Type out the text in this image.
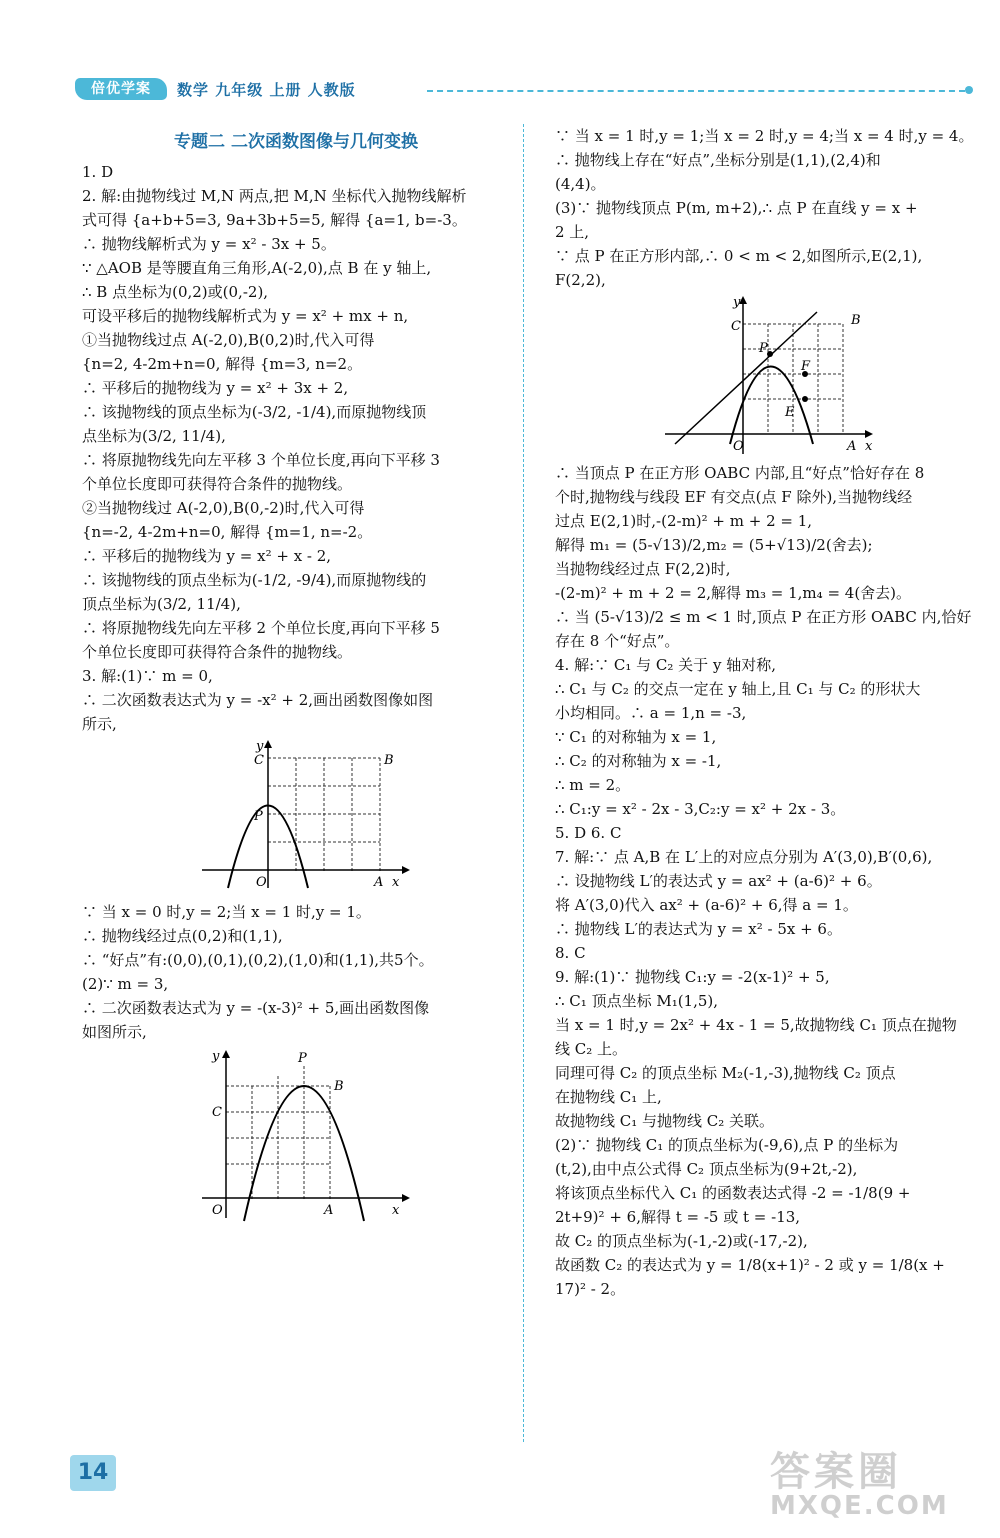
倍优学案	数学 九年级 上册 人教版
专题二 二次函数图像与几何变换
1. D
2. 解:由抛物线过 M,N 两点,把 M,N 坐标代入抛物线解析
式可得 {a+b+5=3, 9a+3b+5=5, 解得 {a=1, b=-3。
∴ 抛物线解析式为 y = x² - 3x + 5。
∵ △AOB 是等腰直角三角形,A(-2,0),点 B 在 y 轴上,
∴ B 点坐标为(0,2)或(0,-2),
可设平移后的抛物线解析式为 y = x² + mx + n,
①当抛物线过点 A(-2,0),B(0,2)时,代入可得
{n=2, 4-2m+n=0, 解得 {m=3, n=2。
∴ 平移后的抛物线为 y = x² + 3x + 2,
∴ 该抛物线的顶点坐标为(-3/2, -1/4),而原抛物线顶
点坐标为(3/2, 11/4),
∴ 将原抛物线先向左平移 3 个单位长度,再向下平移 3
个单位长度即可获得符合条件的抛物线。
②当抛物线过 A(-2,0),B(0,-2)时,代入可得
{n=-2, 4-2m+n=0, 解得 {m=1, n=-2。
∴ 平移后的抛物线为 y = x² + x - 2,
∴ 该抛物线的顶点坐标为(-1/2, -9/4),而原抛物线的
顶点坐标为(3/2, 11/4),
∴ 将原抛物线先向左平移 2 个单位长度,再向下平移 5
个单位长度即可获得符合条件的抛物线。
3. 解:(1)∵ m = 0,
∴ 二次函数表达式为 y = -x² + 2,画出函数图像如图
所示,
y
C	B
P
O	A x
∵ 当 x = 0 时,y = 2;当 x = 1 时,y = 1。
∴ 抛物线经过点(0,2)和(1,1),
∴ “好点”有:(0,0),(0,1),(0,2),(1,0)和(1,1),共5个。
(2)∵ m = 3,
∴ 二次函数表达式为 y = -(x-3)² + 5,画出函数图像
如图所示,
y	P
B
C
O	A	x
∵ 当 x = 1 时,y = 1;当 x = 2 时,y = 4;当 x = 4 时,y = 4。
∴ 抛物线上存在“好点”,坐标分别是(1,1),(2,4)和
(4,4)。
(3)∵ 抛物线顶点 P(m, m+2),∴ 点 P 在直线 y = x +
2 上,
∵ 点 P 在正方形内部,∴ 0 < m < 2,如图所示,E(2,1),
F(2,2),
y
C	B
P
F
E
O	A x
∴ 当顶点 P 在正方形 OABC 内部,且“好点”恰好存在 8
个时,抛物线与线段 EF 有交点(点 F 除外),当抛物线经
过点 E(2,1)时,-(2-m)² + m + 2 = 1,
解得 m₁ = (5-√13)/2,m₂ = (5+√13)/2(舍去);
当抛物线经过点 F(2,2)时,
-(2-m)² + m + 2 = 2,解得 m₃ = 1,m₄ = 4(舍去)。
∴ 当 (5-√13)/2 ≤ m < 1 时,顶点 P 在正方形 OABC 内,恰好
存在 8 个“好点”。
4. 解:∵ C₁ 与 C₂ 关于 y 轴对称,
∴ C₁ 与 C₂ 的交点一定在 y 轴上,且 C₁ 与 C₂ 的形状大
小均相同。∴ a = 1,n = -3,
∵ C₁ 的对称轴为 x = 1,
∴ C₂ 的对称轴为 x = -1,
∴ m = 2。
∴ C₁:y = x² - 2x - 3,C₂:y = x² + 2x - 3。
5. D 6. C
7. 解:∵ 点 A,B 在 L′上的对应点分别为 A′(3,0),B′(0,6),
∴ 设抛物线 L′的表达式 y = ax² + (a-6)² + 6。
将 A′(3,0)代入 ax² + (a-6)² + 6,得 a = 1。
∴ 抛物线 L′的表达式为 y = x² - 5x + 6。
8. C
9. 解:(1)∵ 抛物线 C₁:y = -2(x-1)² + 5,
∴ C₁ 顶点坐标 M₁(1,5),
当 x = 1 时,y = 2x² + 4x - 1 = 5,故抛物线 C₁ 顶点在抛物
线 C₂ 上。
同理可得 C₂ 的顶点坐标 M₂(-1,-3),抛物线 C₂ 顶点
在抛物线 C₁ 上,
故抛物线 C₁ 与抛物线 C₂ 关联。
(2)∵ 抛物线 C₁ 的顶点坐标为(-9,6),点 P 的坐标为
(t,2),由中点公式得 C₂ 顶点坐标为(9+2t,-2),
将该顶点坐标代入 C₁ 的函数表达式得 -2 = -1/8(9 +
2t+9)² + 6,解得 t = -5 或 t = -13,
故 C₂ 的顶点坐标为(-1,-2)或(-17,-2),
故函数 C₂ 的表达式为 y = 1/8(x+1)² - 2 或 y = 1/8(x +
17)² - 2。
14	答案圈
MXQE.COM
